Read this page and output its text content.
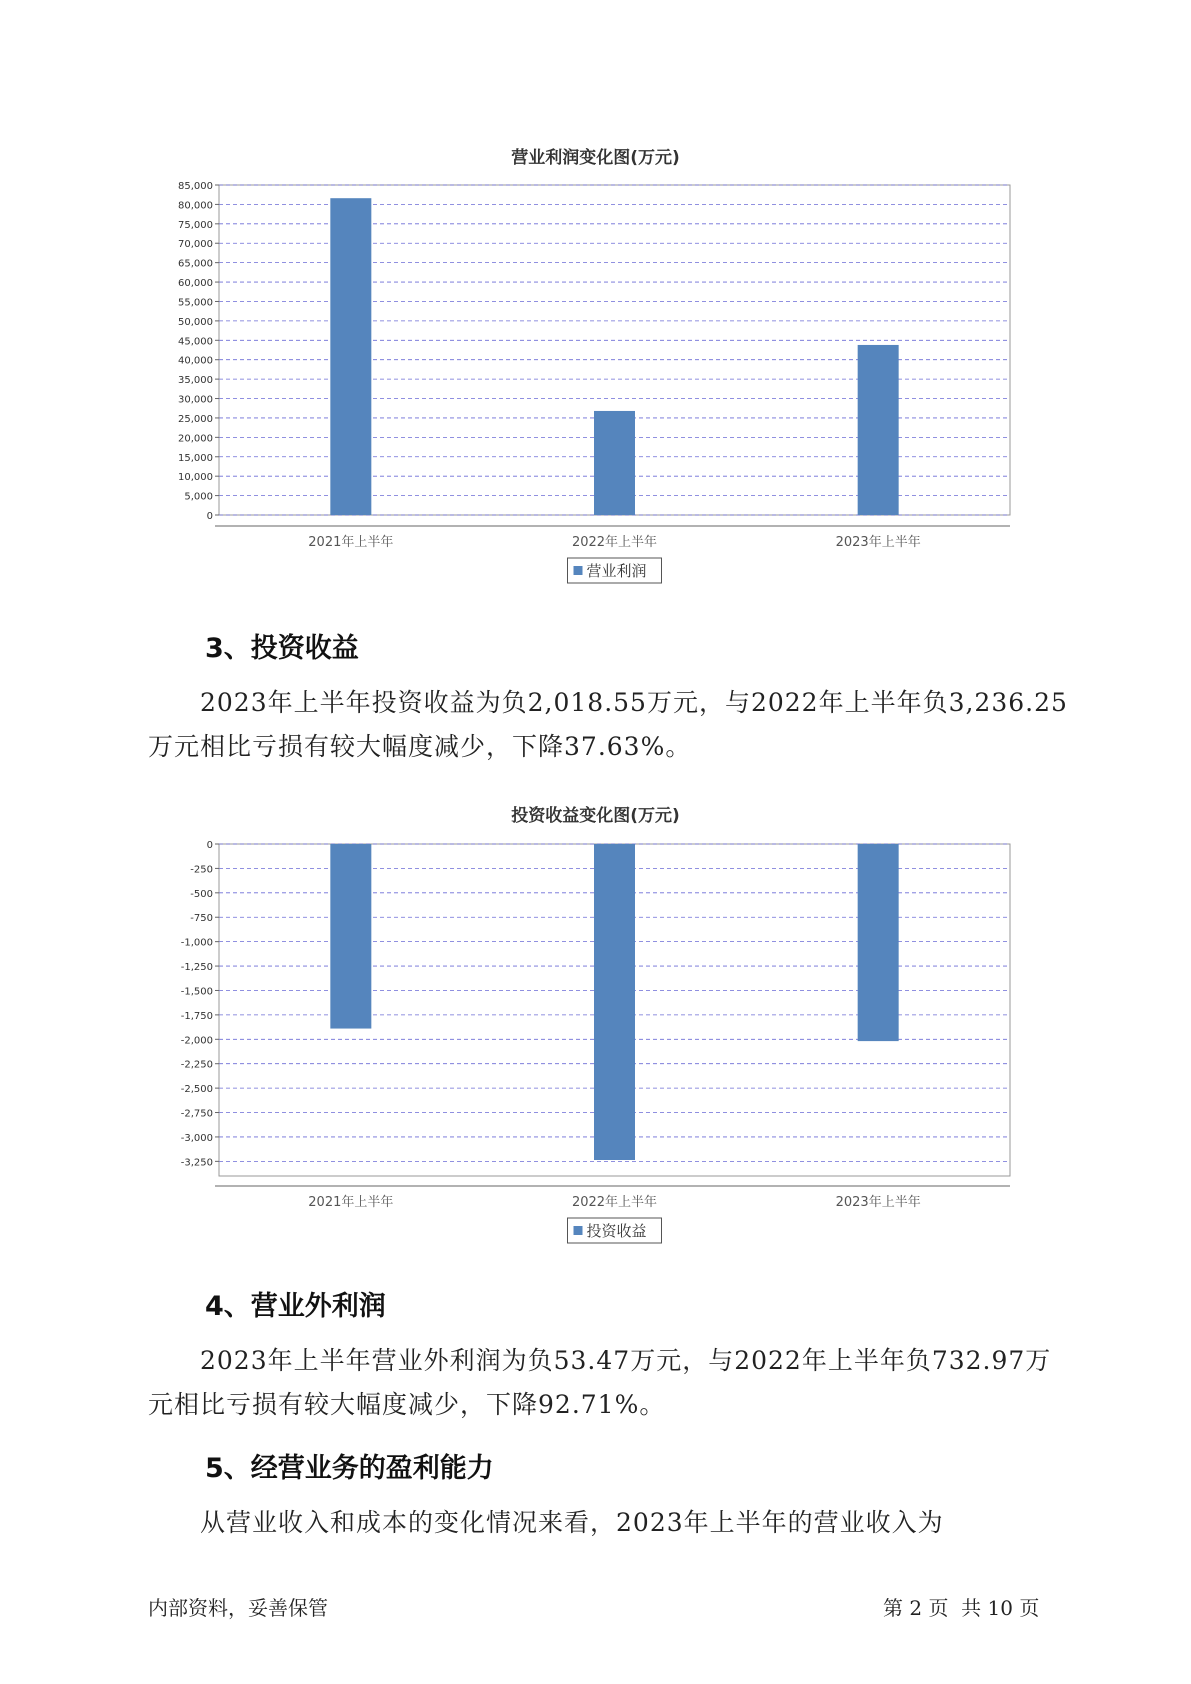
营业利润变化图(万元)
0
5,000
10,000
15,000
20,000
25,000
30,000
35,000
40,000
45,000
50,000
55,000
60,000
65,000
70,000
75,000
80,000
85,000
2021年上半年	2022年上半年	2023年上半年
营业利润
3、投资收益
2023年上半年投资收益为负2,018.55万元，与2022年上半年负3,236.25
万元相比亏损有较大幅度减少，下降37.63%。
投资收益变化图(万元)
0
-250
-500
-750
-1,000
-1,250
-1,500
-1,750
-2,000
-2,250
-2,500
-2,750
-3,000
-3,250
2021年上半年	2022年上半年	2023年上半年
投资收益
4、营业外利润
2023年上半年营业外利润为负53.47万元，与2022年上半年负732.97万
元相比亏损有较大幅度减少，下降92.71%。
5、经营业务的盈利能力
从营业收入和成本的变化情况来看，2023年上半年的营业收入为
内部资料，妥善保管	第 2 页  共 10 页
